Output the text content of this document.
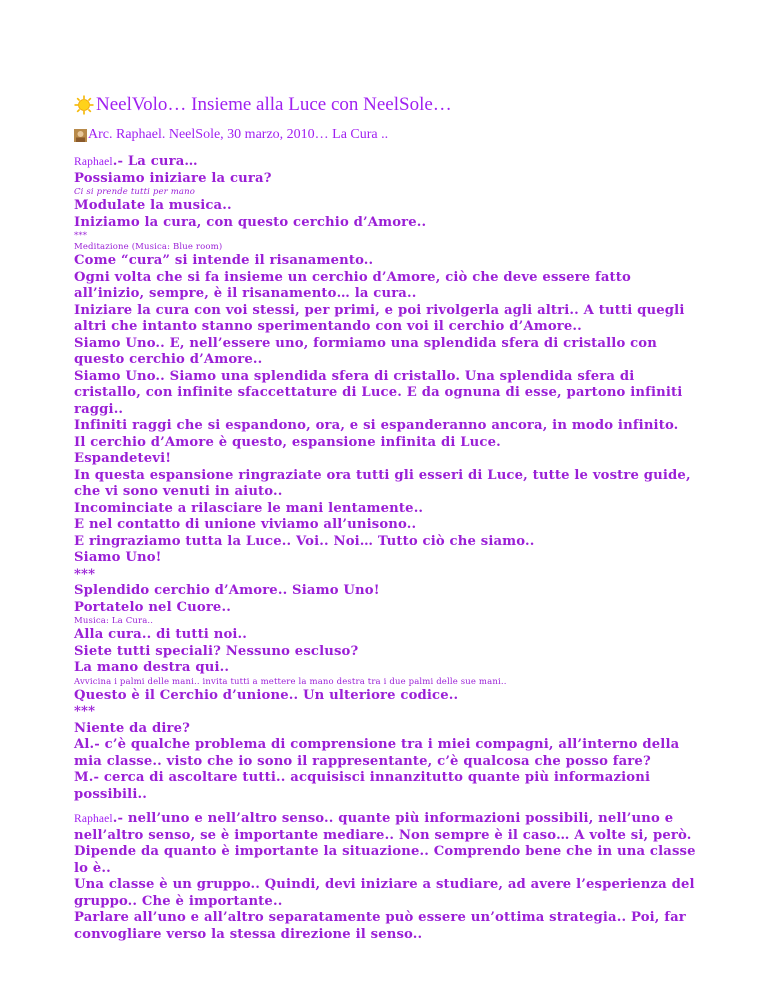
NeelVolo… Insieme alla Luce con NeelSole…
Arc. Raphael. NeelSole, 30 marzo, 2010… La Cura ..
Raphael.- La cura…
Possiamo iniziare la cura?
Ci si prende tutti per mano
Modulate la musica..
Iniziamo la cura, con questo cerchio d’Amore..
***
Meditazione (Musica: Blue room)
Come “cura” si intende il risanamento..
Ogni volta che si fa insieme un cerchio d’Amore, ciò che deve essere fatto all’inizio, sempre, è il risanamento… la cura..
Iniziare la cura con voi stessi, per primi, e poi rivolgerla agli altri.. A tutti quegli altri che intanto stanno sperimentando con voi il cerchio d’Amore..
Siamo Uno.. E, nell’essere uno, formiamo una splendida sfera di cristallo con questo cerchio d’Amore..
Siamo Uno.. Siamo una splendida sfera di cristallo. Una splendida sfera di cristallo, con infinite sfaccettature di Luce. E da ognuna di esse, partono infiniti raggi..
Infiniti raggi che si espandono, ora, e si espanderanno ancora, in modo infinito.
Il cerchio d’Amore è questo, espansione infinita di Luce.
Espandetevi!
In questa espansione ringraziate ora tutti gli esseri di Luce, tutte le vostre guide, che vi sono venuti in aiuto..
Incominciate a rilasciare le mani lentamente..
E nel contatto di unione viviamo all’unisono..
E ringraziamo tutta la Luce.. Voi.. Noi… Tutto ciò che siamo..
Siamo Uno!
***
Splendido cerchio d’Amore.. Siamo Uno!
Portatelo nel Cuore..
Musica: La Cura..
Alla cura.. di tutti noi..
Siete tutti speciali? Nessuno escluso?
La mano destra qui..
Avvicina i palmi delle mani.. invita tutti a mettere la mano destra tra i due palmi delle sue mani..
Questo è il Cerchio d’unione.. Un ulteriore codice..
***
Niente da dire?
Al.- c’è qualche problema di comprensione tra i miei compagni, all’interno della mia classe.. visto che io sono il rappresentante, c’è qualcosa che posso fare?
M.- cerca di ascoltare tutti.. acquisisci innanzitutto quante più informazioni possibili..
Raphael.- nell’uno e nell’altro senso.. quante più informazioni possibili, nell’uno e nell’altro senso, se è importante mediare.. Non sempre è il caso… A volte si, però. Dipende da quanto è importante la situazione.. Comprendo bene che in una classe lo è..
Una classe è un gruppo.. Quindi, devi iniziare a studiare, ad avere l’esperienza del gruppo.. Che è importante..
Parlare all’uno e all’altro separatamente può essere un’ottima strategia.. Poi, far convogliare verso la stessa direzione il senso..
